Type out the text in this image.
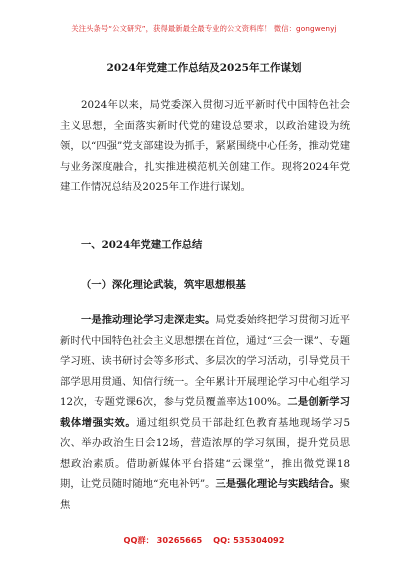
关注头条号“公文研究”，获得最新最全最专业的公文资料库！ 微信：gongwenyj
2024年党建工作总结及2025年工作谋划

2024年以来，局党委深入贯彻习近平新时代中国特色社会主义思想，全面落实新时代党的建设总要求，以政治建设为统领，以“四强”党支部建设为抓手，紧紧围绕中心任务，推动党建与业务深度融合，扎实推进模范机关创建工作。现将2024年党建工作情况总结及2025年工作进行谋划。

一、2024年党建工作总结
（一）深化理论武装，筑牢思想根基

一是推动理论学习走深走实。局党委始终把学习贯彻习近平新时代中国特色社会主义思想摆在首位，通过“三会一课”、专题学习班、读书研讨会等多形式、多层次的学习活动，引导党员干部学思用贯通、知信行统一。全年累计开展理论学习中心组学习12次，专题党课6次，参与党员覆盖率达100%。二是创新学习载体增强实效。通过组织党员干部赴红色教育基地现场学习5次、举办政治生日会12场，营造浓厚的学习氛围，提升党员思想政治素质。借助新媒体平台搭建“云课堂”，推出微党课18期，让党员随时随地“充电补钙”。三是强化理论与实践结合。聚焦

QQ群： 30265665 QQ: 535304092
